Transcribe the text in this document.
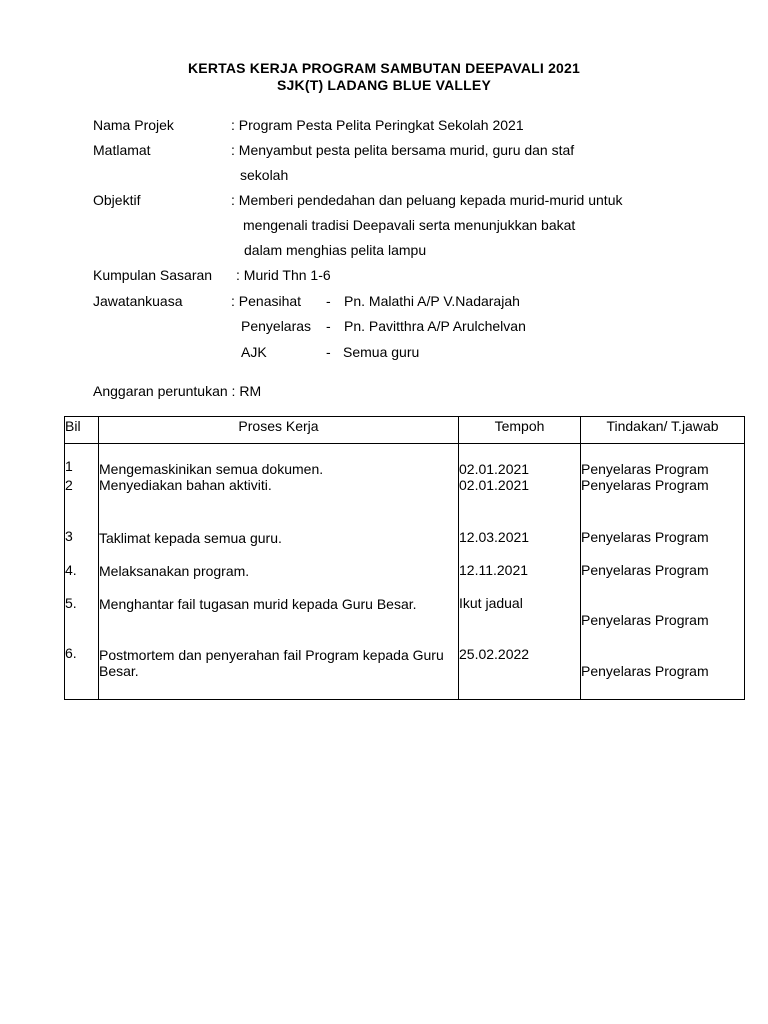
KERTAS KERJA PROGRAM SAMBUTAN DEEPAVALI 2021
SJK(T) LADANG BLUE VALLEY
Nama Projek	: Program Pesta Pelita Peringkat Sekolah 2021
Matlamat	: Menyambut pesta pelita bersama murid, guru dan staf
sekolah
Objektif	: Memberi pendedahan dan peluang kepada murid-murid untuk
mengenali tradisi Deepavali serta menunjukkan bakat
dalam menghias pelita lampu
Kumpulan Sasaran : Murid Thn 1-6
Jawatankuasa	: Penasihat - Pn. Malathi A/P V.Nadarajah
Penyelaras - Pn. Pavitthra A/P Arulchelvan
AJK	- Semua guru
Anggaran peruntukan : RM
Bil	Proses Kerja	Tempoh	Tindakan/ T.jawab
1	Mengemaskinikan semua dokumen.	02.01.2021	Penyelaras Program
2	Menyediakan bahan aktiviti.	02.01.2021	Penyelaras Program
3	Taklimat kepada semua guru.	12.03.2021	Penyelaras Program
4.	Melaksanakan program.	12.11.2021	Penyelaras Program
5.	Menghantar fail tugasan murid kepada Guru Besar.	Ikut jadual	Penyelaras Program
6.	Postmortem dan penyerahan fail Program kepada Guru Besar.	25.02.2022	Penyelaras Program
